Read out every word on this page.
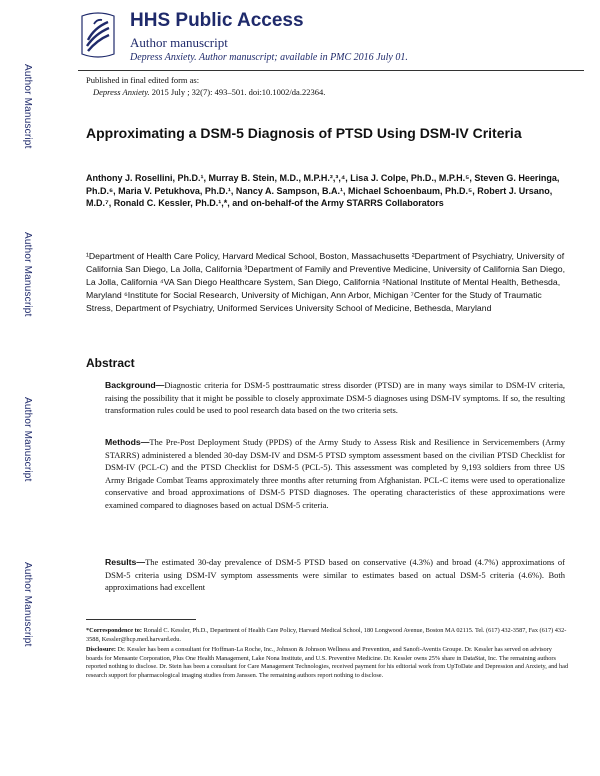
Author Manuscript
Author Manuscript
Author Manuscript
Author Manuscript
HHS Public Access
Author manuscript
Depress Anxiety. Author manuscript; available in PMC 2016 July 01.
Published in final edited form as:
Depress Anxiety. 2015 July ; 32(7): 493–501. doi:10.1002/da.22364.
Approximating a DSM-5 Diagnosis of PTSD Using DSM-IV Criteria
Anthony J. Rosellini, Ph.D.¹, Murray B. Stein, M.D., M.P.H.²,³,⁴, Lisa J. Colpe, Ph.D., M.P.H.⁵, Steven G. Heeringa, Ph.D.⁶, Maria V. Petukhova, Ph.D.¹, Nancy A. Sampson, B.A.¹, Michael Schoenbaum, Ph.D.⁵, Robert J. Ursano, M.D.⁷, Ronald C. Kessler, Ph.D.¹,*, and on-behalf-of the Army STARRS Collaborators
¹Department of Health Care Policy, Harvard Medical School, Boston, Massachusetts ²Department of Psychiatry, University of California San Diego, La Jolla, California ³Department of Family and Preventive Medicine, University of California San Diego, La Jolla, California ⁴VA San Diego Healthcare System, San Diego, California ⁵National Institute of Mental Health, Bethesda, Maryland ⁶Institute for Social Research, University of Michigan, Ann Arbor, Michigan ⁷Center for the Study of Traumatic Stress, Department of Psychiatry, Uniformed Services University School of Medicine, Bethesda, Maryland
Abstract
Background—Diagnostic criteria for DSM-5 posttraumatic stress disorder (PTSD) are in many ways similar to DSM-IV criteria, raising the possibility that it might be possible to closely approximate DSM-5 diagnoses using DSM-IV symptoms. If so, the resulting transformation rules could be used to pool research data based on the two criteria sets.
Methods—The Pre-Post Deployment Study (PPDS) of the Army Study to Assess Risk and Resilience in Servicemembers (Army STARRS) administered a blended 30-day DSM-IV and DSM-5 PTSD symptom assessment based on the civilian PTSD Checklist for DSM-IV (PCL-C) and the PTSD Checklist for DSM-5 (PCL-5). This assessment was completed by 9,193 soldiers from three US Army Brigade Combat Teams approximately three months after returning from Afghanistan. PCL-C items were used to operationalize conservative and broad approximations of DSM-5 PTSD diagnoses. The operating characteristics of these approximations were examined compared to diagnoses based on actual DSM-5 criteria.
Results—The estimated 30-day prevalence of DSM-5 PTSD based on conservative (4.3%) and broad (4.7%) approximations of DSM-5 criteria using DSM-IV symptom assessments were similar to estimates based on actual DSM-5 criteria (4.6%). Both approximations had excellent
*Correspondence to: Ronald C. Kessler, Ph.D., Department of Health Care Policy, Harvard Medical School, 180 Longwood Avenue, Boston MA 02115. Tel. (617) 432-3587, Fax (617) 432-3588, Kessler@hcp.med.harvard.edu.
Disclosure: Dr. Kessler has been a consultant for Hoffman-La Roche, Inc., Johnson & Johnson Wellness and Prevention, and Sanofi-Aventis Groupe. Dr. Kessler has served on advisory boards for Mensante Corporation, Plus One Health Management, Lake Nona Institute, and U.S. Preventive Medicine. Dr. Kessler owns 25% share in DataStat, Inc. The remaining authors reported nothing to disclose. Dr. Stein has been a consultant for Care Management Technologies, received payment for his editorial work from UpToDate and Depression and Anxiety, and had research support for pharmacological imaging studies from Janssen. The remaining authors report nothing to disclose.
